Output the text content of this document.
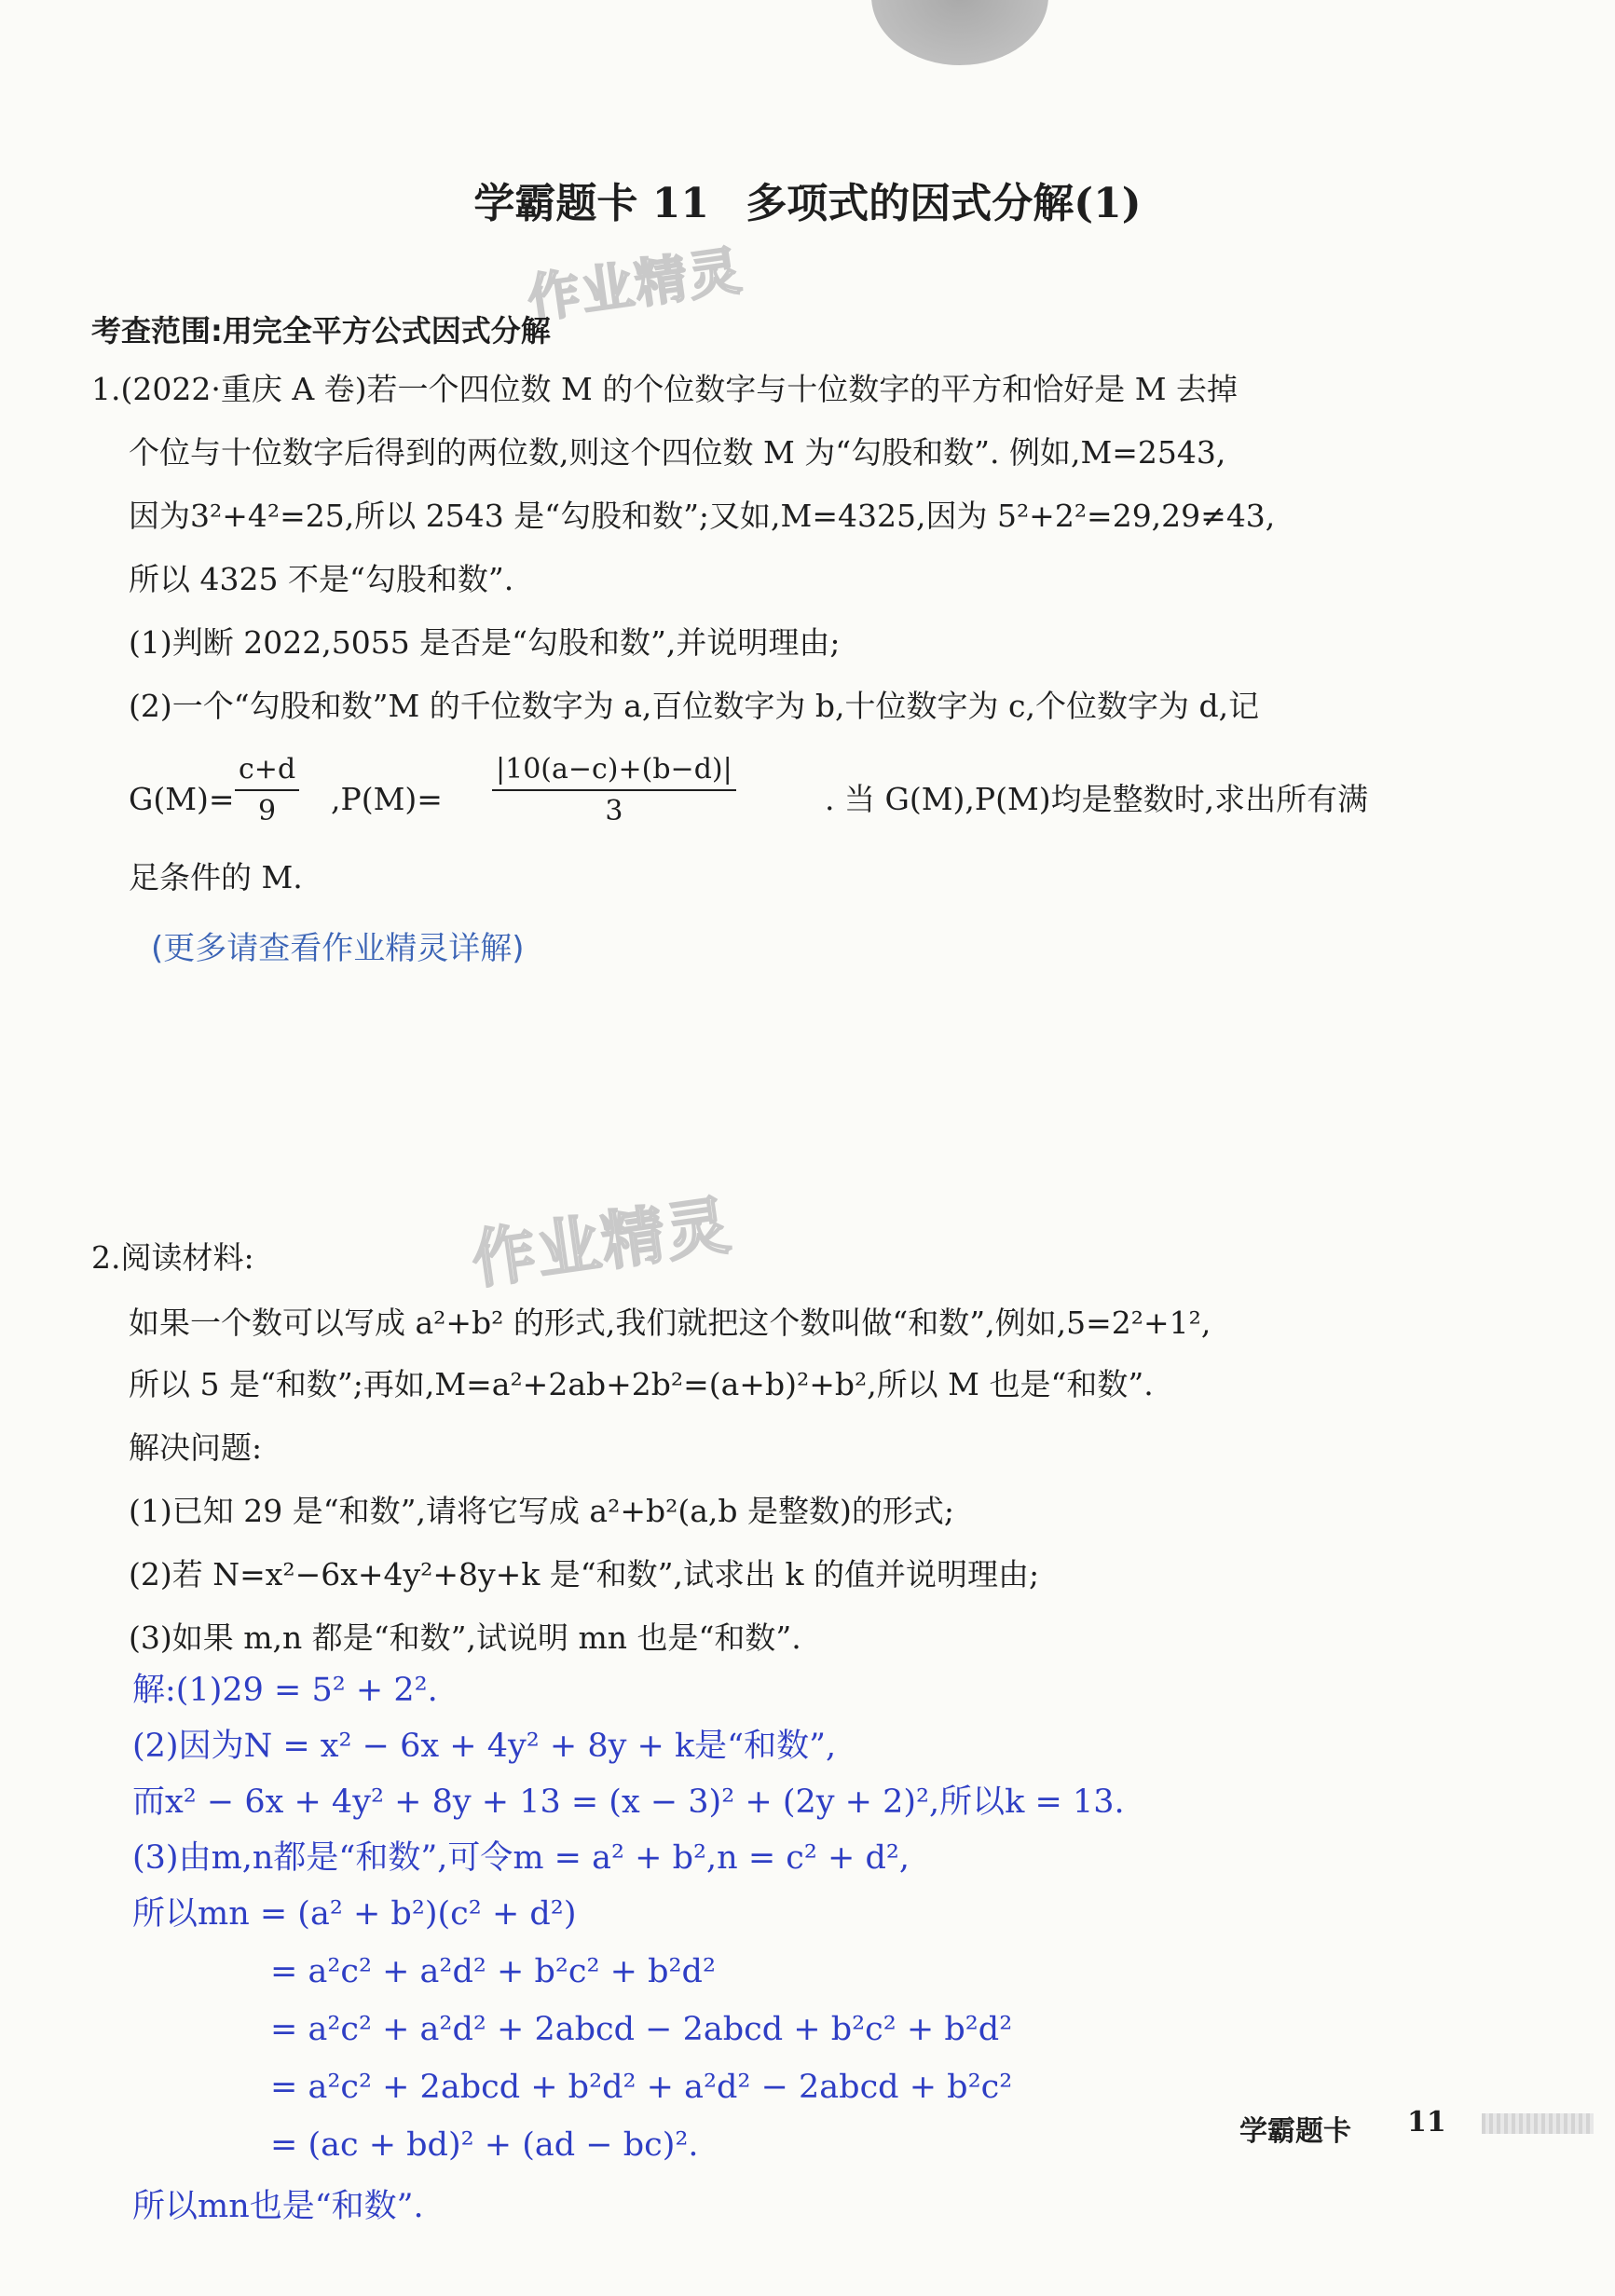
学霸题卡 11 多项式的因式分解(1)
作业精灵
考查范围:用完全平方公式因式分解
1.(2022·重庆 A 卷)若一个四位数 M 的个位数字与十位数字的平方和恰好是 M 去掉
个位与十位数字后得到的两位数,则这个四位数 M 为“勾股和数”. 例如,M=2543,
因为3²+4²=25,所以 2543 是“勾股和数”;又如,M=4325,因为 5²+2²=29,29≠43,
所以 4325 不是“勾股和数”.
(1)判断 2022,5055 是否是“勾股和数”,并说明理由;
(2)一个“勾股和数”M 的千位数字为 a,百位数字为 b,十位数字为 c,个位数字为 d,记
$G(M)= \frac{c+d}{9} ,P(M)= \frac{|10(a-c)+(b-d)|}{3}$	. 当 G(M),P(M)均是整数时,求出所有满
足条件的 M.
(更多请查看作业精灵详解)
作业精灵
2.阅读材料:
如果一个数可以写成 a²+b² 的形式,我们就把这个数叫做“和数”,例如,5=2²+1²,
所以 5 是“和数”;再如,M=a²+2ab+2b²=(a+b)²+b²,所以 M 也是“和数”.
解决问题:
(1)已知 29 是“和数”,请将它写成 a²+b²(a,b 是整数)的形式;
(2)若 N=x²−6x+4y²+8y+k 是“和数”,试求出 k 的值并说明理由;
(3)如果 m,n 都是“和数”,试说明 mn 也是“和数”.
解:(1)29 = 5² + 2².
(2)因为N = x² − 6x + 4y² + 8y + k是“和数”,
而x² − 6x + 4y² + 8y + 13 = (x − 3)² + (2y + 2)²,所以k = 13.
(3)由m,n都是“和数”,可令m = a² + b²,n = c² + d²,
所以mn = (a² + b²)(c² + d²)
= a²c² + a²d² + b²c² + b²d²
= a²c² + a²d² + 2abcd − 2abcd + b²c² + b²d²
= a²c² + 2abcd + b²d² + a²d² − 2abcd + b²c²
= (ac + bd)² + (ad − bc)².
所以mn也是“和数”.
学霸题卡 11
